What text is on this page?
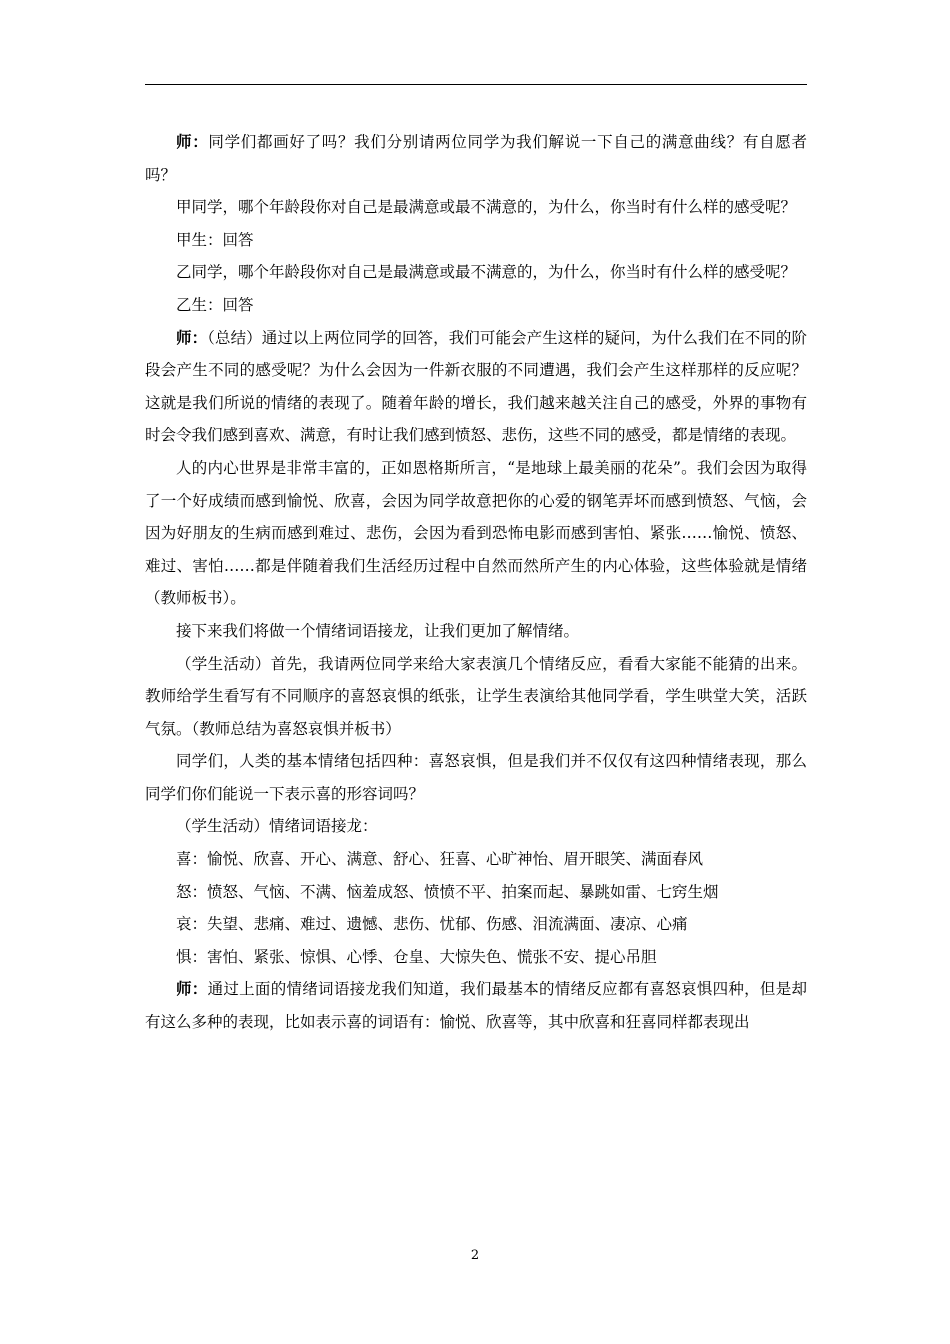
师：同学们都画好了吗？我们分别请两位同学为我们解说一下自己的满意曲线？有自愿者吗？

甲同学，哪个年龄段你对自己是最满意或最不满意的，为什么，你当时有什么样的感受呢？

甲生：回答

乙同学，哪个年龄段你对自己是最满意或最不满意的，为什么，你当时有什么样的感受呢？

乙生：回答

师：（总结）通过以上两位同学的回答，我们可能会产生这样的疑问，为什么我们在不同的阶段会产生不同的感受呢？为什么会因为一件新衣服的不同遭遇，我们会产生这样那样的反应呢？这就是我们所说的情绪的表现了。随着年龄的增长，我们越来越关注自己的感受，外界的事物有时会令我们感到喜欢、满意，有时让我们感到愤怒、悲伤，这些不同的感受，都是情绪的表现。

人的内心世界是非常丰富的，正如恩格斯所言，“是地球上最美丽的花朵”。我们会因为取得了一个好成绩而感到愉悦、欣喜，会因为同学故意把你的心爱的钢笔弄坏而感到愤怒、气恼，会因为好朋友的生病而感到难过、悲伤，会因为看到恐怖电影而感到害怕、紧张……愉悦、愤怒、难过、害怕……都是伴随着我们生活经历过程中自然而然所产生的内心体验，这些体验就是情绪（教师板书）。

接下来我们将做一个情绪词语接龙，让我们更加了解情绪。

（学生活动）首先，我请两位同学来给大家表演几个情绪反应，看看大家能不能猜的出来。教师给学生看写有不同顺序的喜怒哀惧的纸张，让学生表演给其他同学看，学生哄堂大笑，活跃气氛。（教师总结为喜怒哀惧并板书）

同学们，人类的基本情绪包括四种：喜怒哀惧，但是我们并不仅仅有这四种情绪表现，那么同学们你们能说一下表示喜的形容词吗？

（学生活动）情绪词语接龙：

喜：愉悦、欣喜、开心、满意、舒心、狂喜、心旷神怡、眉开眼笑、满面春风

怒：愤怒、气恼、不满、恼羞成怒、愤愤不平、拍案而起、暴跳如雷、七窍生烟

哀：失望、悲痛、难过、遗憾、悲伤、忧郁、伤感、泪流满面、凄凉、心痛

惧：害怕、紧张、惊惧、心悸、仓皇、大惊失色、慌张不安、提心吊胆

师：通过上面的情绪词语接龙我们知道，我们最基本的情绪反应都有喜怒哀惧四种，但是却有这么多种的表现，比如表示喜的词语有：愉悦、欣喜等，其中欣喜和狂喜同样都表现出

2
